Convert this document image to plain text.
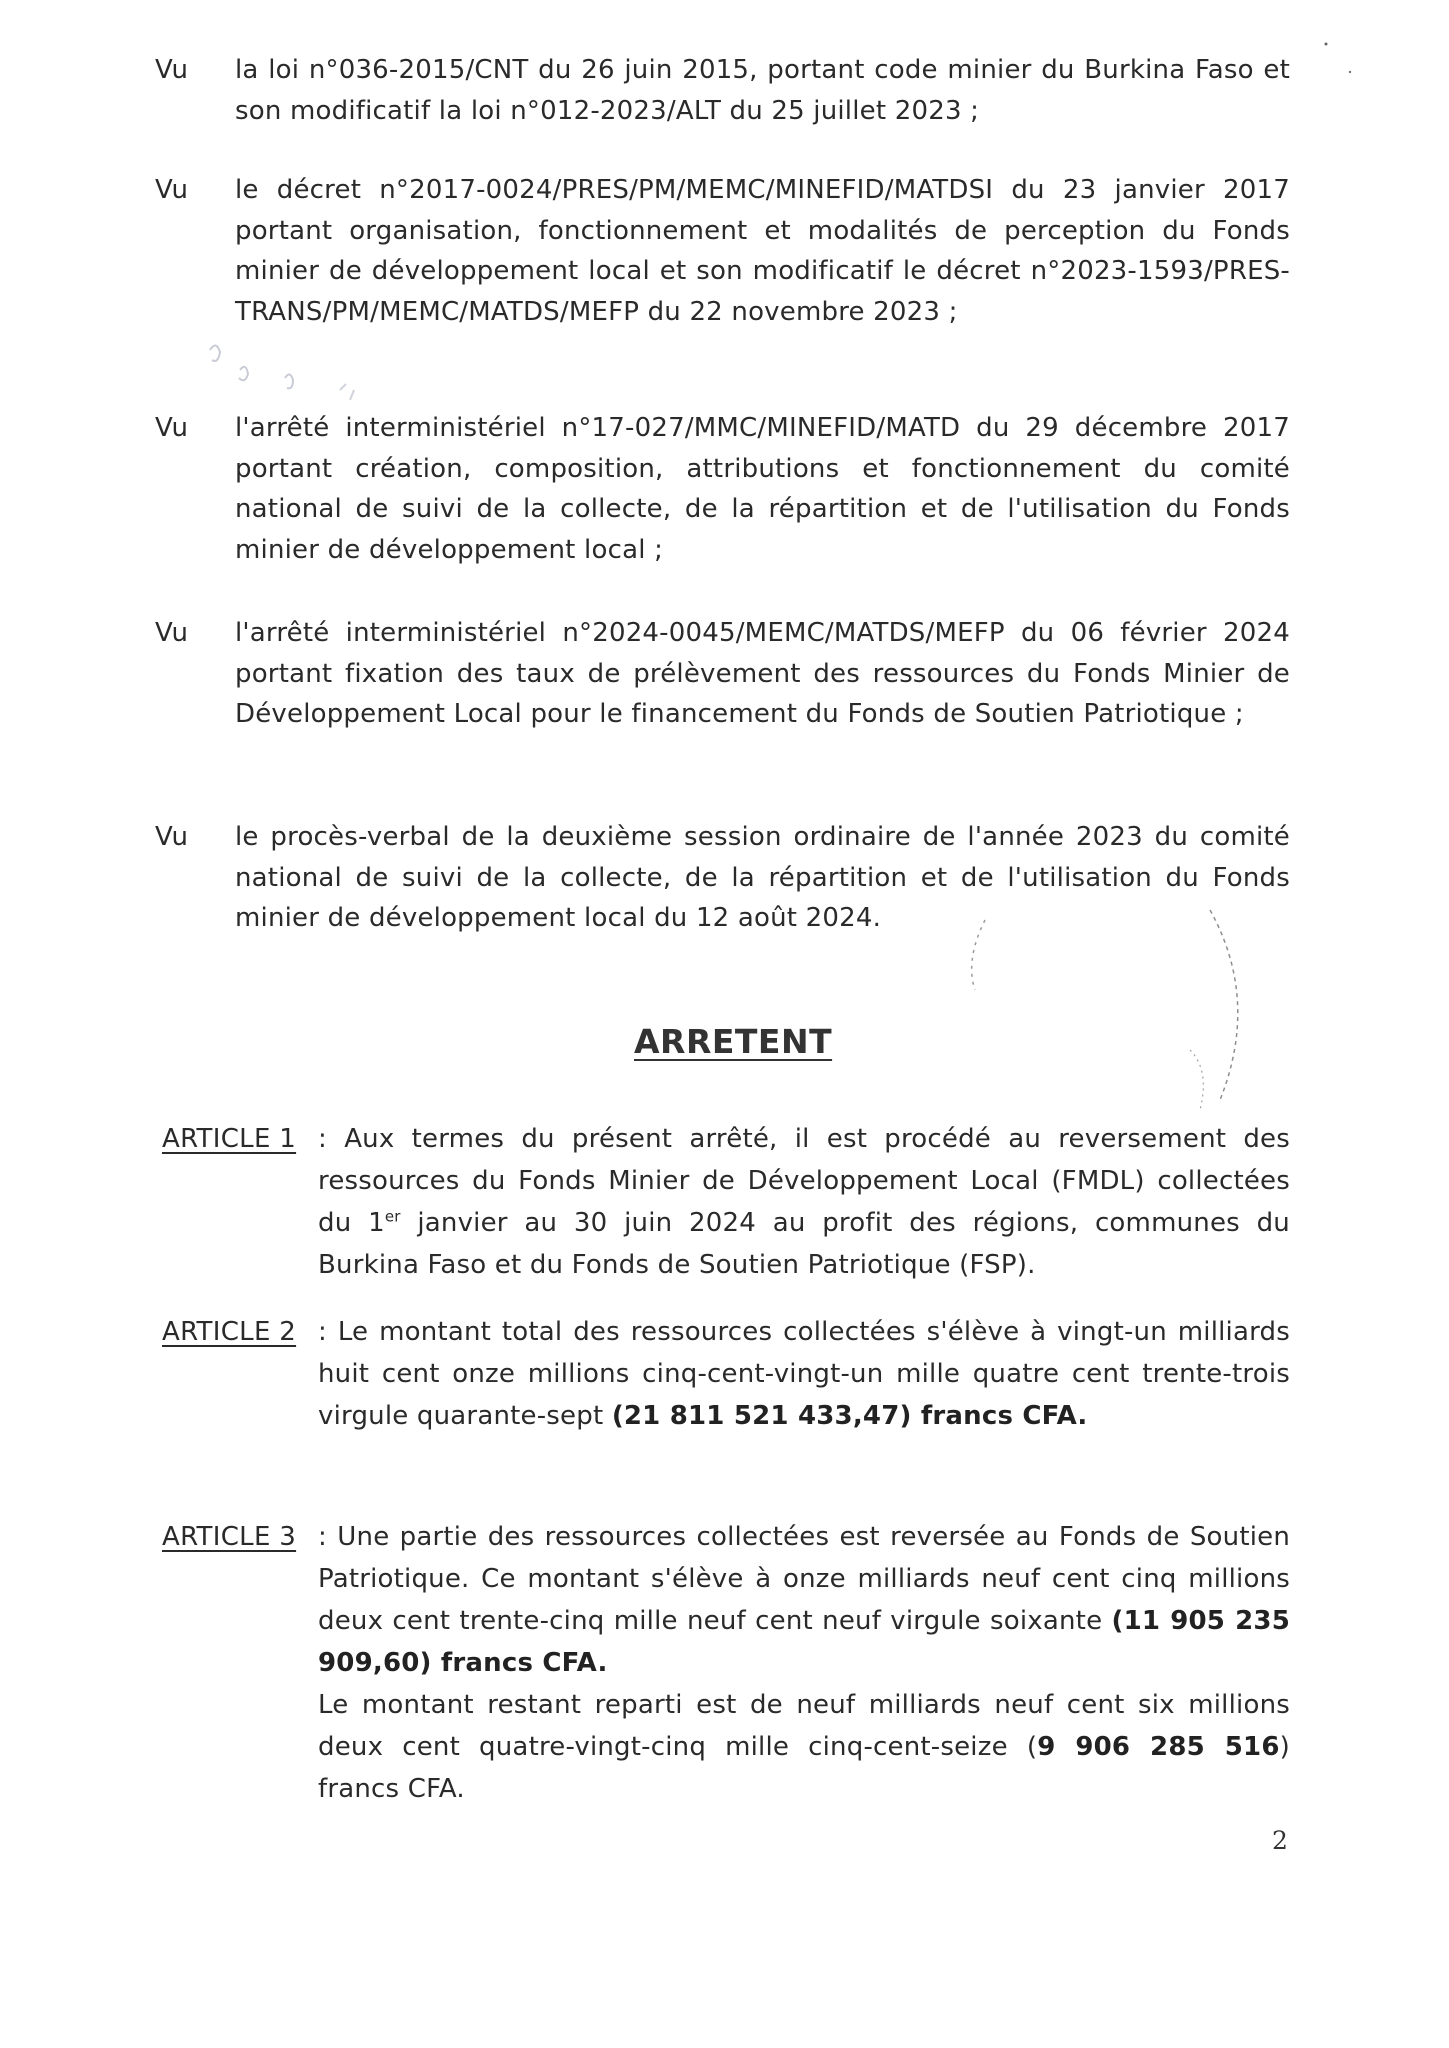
Vu	la loi n°036-2015/CNT du 26 juin 2015, portant code minier du Burkina Faso et son modificatif la loi n°012-2023/ALT du 25 juillet 2023 ;
Vu	le décret n°2017-0024/PRES/PM/MEMC/MINEFID/MATDSI du 23 janvier 2017 portant organisation, fonctionnement et modalités de perception du Fonds minier de développement local et son modificatif le décret n°2023-1593/PRES-TRANS/PM/MEMC/MATDS/MEFP du 22 novembre 2023 ;
Vu	l'arrêté interministériel n°17-027/MMC/MINEFID/MATD du 29 décembre 2017 portant création, composition, attributions et fonctionnement du comité national de suivi de la collecte, de la répartition et de l'utilisation du Fonds minier de développement local ;
Vu	l'arrêté interministériel n°2024-0045/MEMC/MATDS/MEFP du 06 février 2024 portant fixation des taux de prélèvement des ressources du Fonds Minier de Développement Local pour le financement du Fonds de Soutien Patriotique ;
Vu	le procès-verbal de la deuxième session ordinaire de l'année 2023 du comité national de suivi de la collecte, de la répartition et de l'utilisation du Fonds minier de développement local du 12 août 2024.
ARRETENT
ARTICLE 1 : Aux termes du présent arrêté, il est procédé au reversement des ressources du Fonds Minier de Développement Local (FMDL) collectées du 1er janvier au 30 juin 2024 au profit des régions, communes du Burkina Faso et du Fonds de Soutien Patriotique (FSP).
ARTICLE 2 : Le montant total des ressources collectées s'élève à vingt-un milliards huit cent onze millions cinq-cent-vingt-un mille quatre cent trente-trois virgule quarante-sept (21 811 521 433,47) francs CFA.
ARTICLE 3 : Une partie des ressources collectées est reversée au Fonds de Soutien Patriotique. Ce montant s'élève à onze milliards neuf cent cinq millions deux cent trente-cinq mille neuf cent neuf virgule soixante (11 905 235 909,60) francs CFA.
Le montant restant reparti est de neuf milliards neuf cent six millions deux cent quatre-vingt-cinq mille cinq-cent-seize (9 906 285 516) francs CFA.
2
